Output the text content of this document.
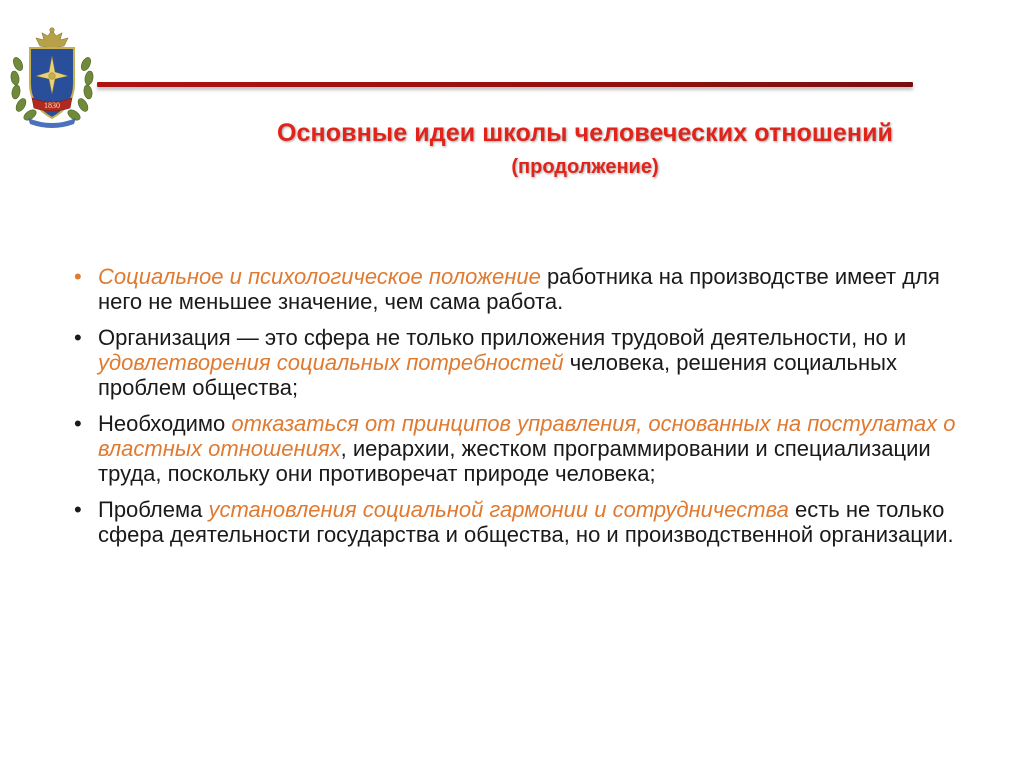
1830
Основные идеи школы человеческих отношений
(продолжение)
• Социальное и психологическое положение работника на производстве имеет для него не меньшее значение, чем сама работа.
• Организация — это сфера не только приложения трудовой деятельности, но и удовлетворения социальных потребностей человека, решения социальных проблем общества;
• Необходимо отказаться от принципов управления, основанных на постулатах о властных отношениях, иерархии, жестком программировании и специализации труда, поскольку они противоречат природе человека;
• Проблема установления социальной гармонии и сотрудничества есть не только сфера деятельности государства и общества, но и производственной организации.
